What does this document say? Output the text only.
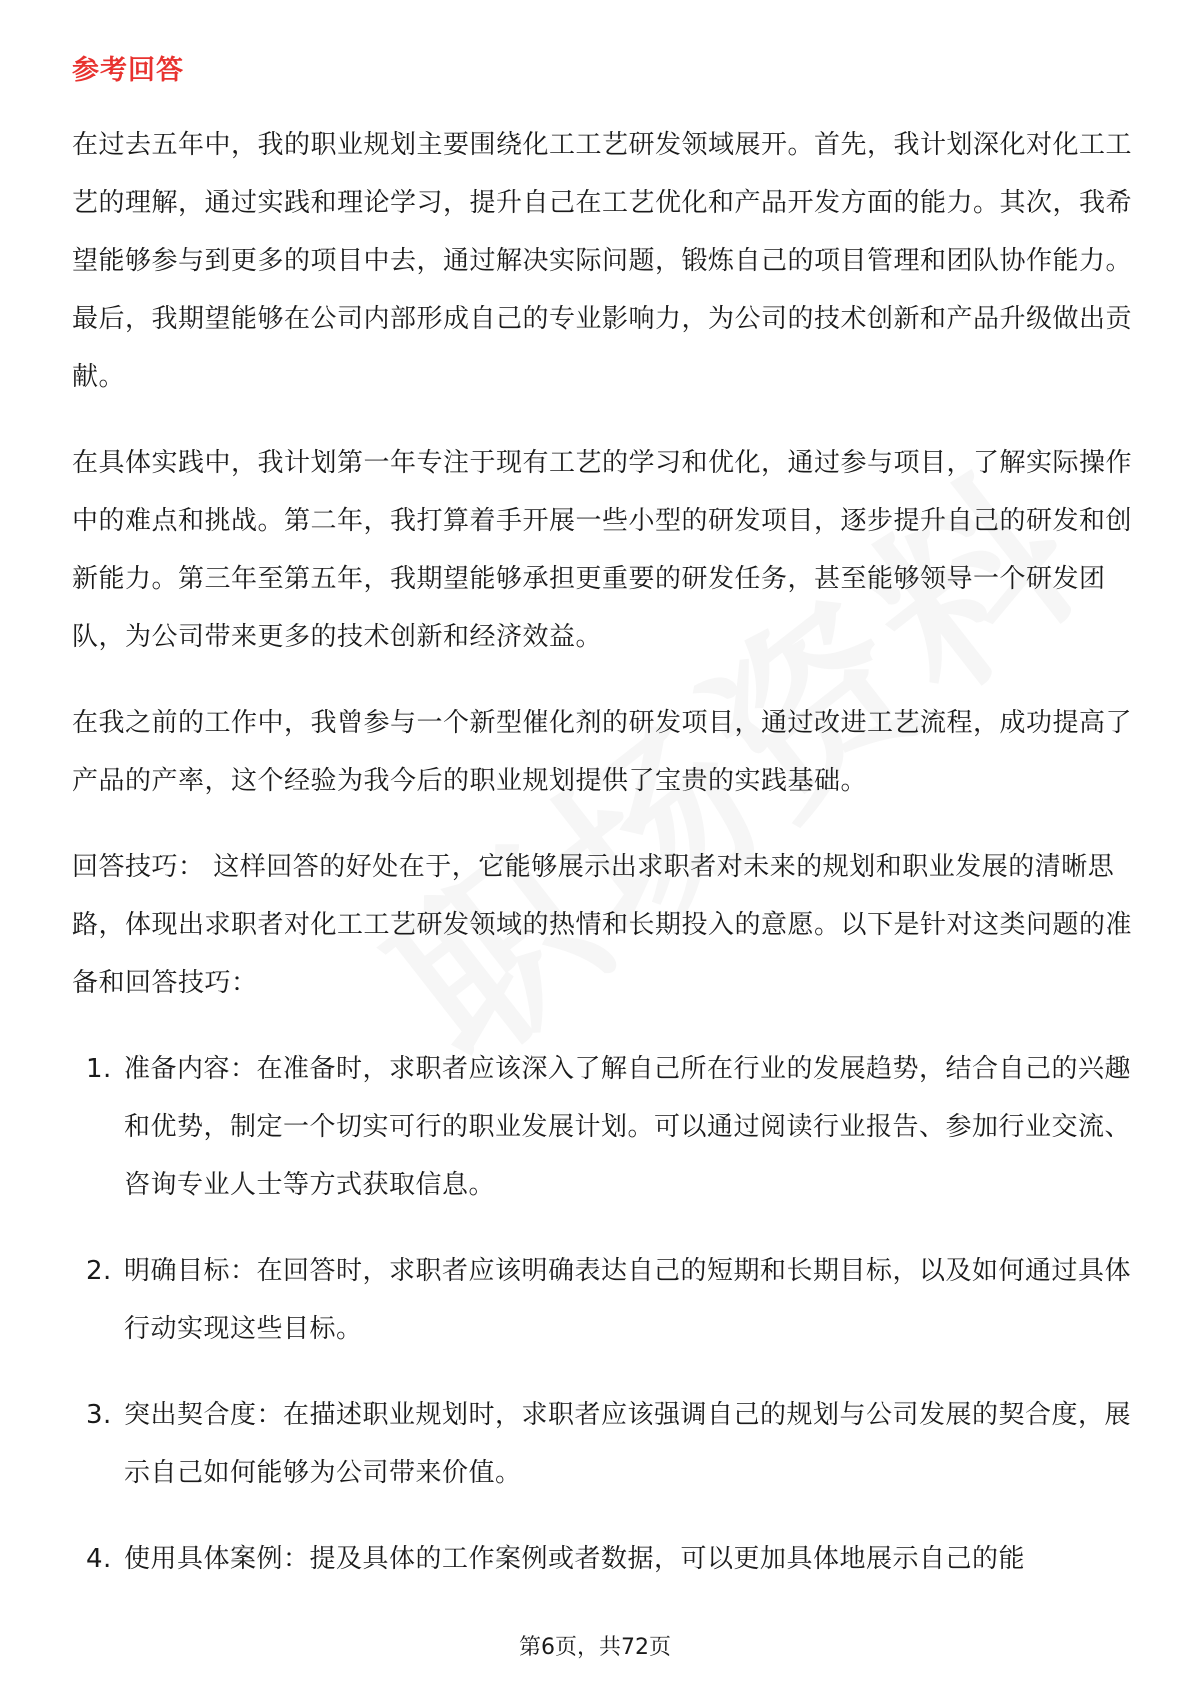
参考回答

在过去五年中，我的职业规划主要围绕化工工艺研发领域展开。首先，我计划深化对化工工艺的理解，通过实践和理论学习，提升自己在工艺优化和产品开发方面的能力。其次，我希望能够参与到更多的项目中去，通过解决实际问题，锻炼自己的项目管理和团队协作能力。最后，我期望能够在公司内部形成自己的专业影响力，为公司的技术创新和产品升级做出贡献。

在具体实践中，我计划第一年专注于现有工艺的学习和优化，通过参与项目，了解实际操作中的难点和挑战。第二年，我打算着手开展一些小型的研发项目，逐步提升自己的研发和创新能力。第三年至第五年，我期望能够承担更重要的研发任务，甚至能够领导一个研发团队，为公司带来更多的技术创新和经济效益。

在我之前的工作中，我曾参与一个新型催化剂的研发项目，通过改进工艺流程，成功提高了产品的产率，这个经验为我今后的职业规划提供了宝贵的实践基础。

回答技巧： 这样回答的好处在于，它能够展示出求职者对未来的规划和职业发展的清晰思路，体现出求职者对化工工艺研发领域的热情和长期投入的意愿。以下是针对这类问题的准备和回答技巧：

1. 准备内容：在准备时，求职者应该深入了解自己所在行业的发展趋势，结合自己的兴趣和优势，制定一个切实可行的职业发展计划。可以通过阅读行业报告、参加行业交流、咨询专业人士等方式获取信息。
2. 明确目标：在回答时，求职者应该明确表达自己的短期和长期目标，以及如何通过具体行动实现这些目标。
3. 突出契合度：在描述职业规划时，求职者应该强调自己的规划与公司发展的契合度，展示自己如何能够为公司带来价值。
4. 使用具体案例：提及具体的工作案例或者数据，可以更加具体地展示自己的能
第6页，共72页
